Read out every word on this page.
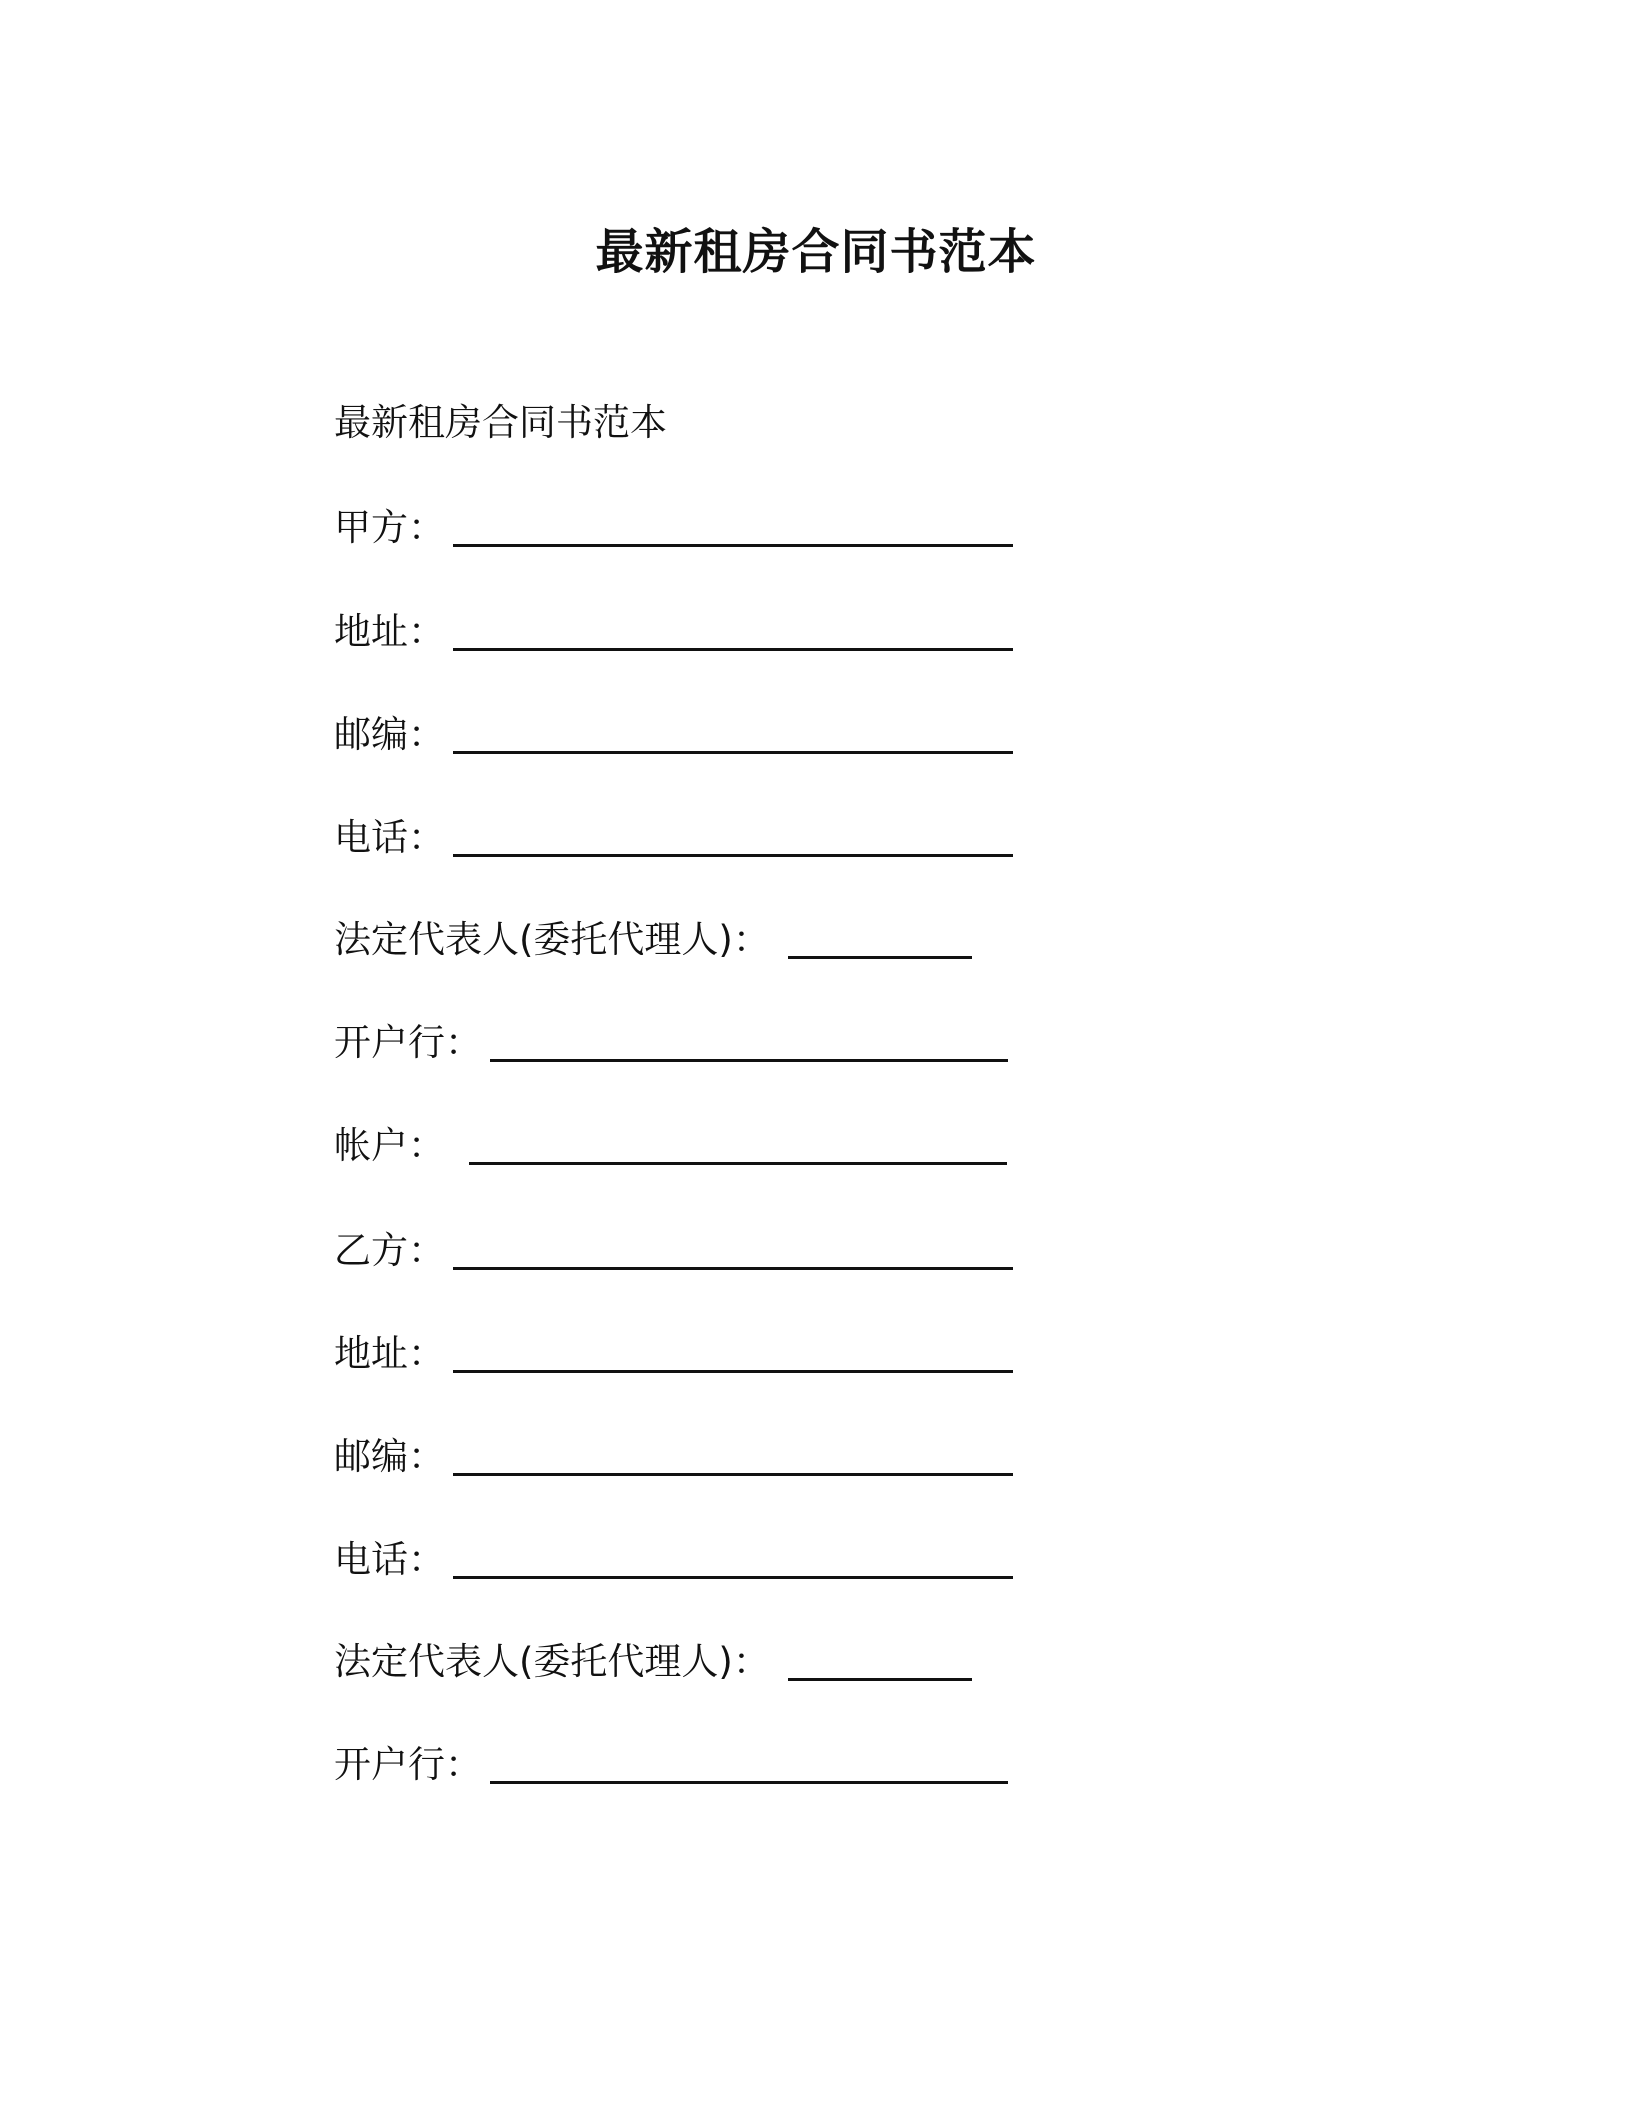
最新租房合同书范本
最新租房合同书范本
甲方：
地址：
邮编：
电话：
法定代表人(委托代理人)：
开户行：
帐户：
乙方：
地址：
邮编：
电话：
法定代表人(委托代理人)：
开户行：
